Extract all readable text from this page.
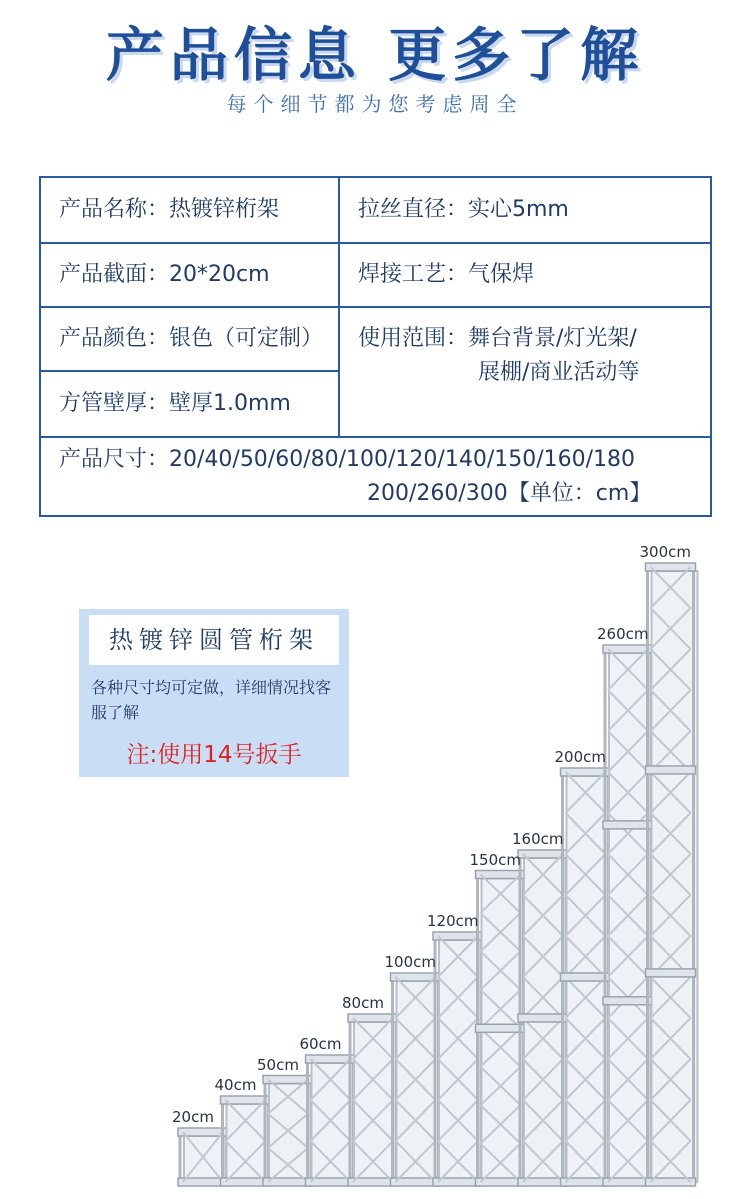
产品信息 更多了解
每个细节都为您考虑周全
产品名称：热镀锌桁架	拉丝直径：实心5mm
产品截面：20*20cm	焊接工艺：气保焊
产品颜色：银色（可定制）	使用范围：舞台背景/灯光架/
展棚/商业活动等

方管壁厚：壁厚1.0mm	

产品尺寸：20/40/50/60/80/100/120/140/150/160/180
200/260/300【单位：cm】	
热镀锌圆管桁架
各种尺寸均可定做，详细情况找客服了解
注:使用14号扳手
20cm
40cm
50cm
60cm
80cm
100cm
120cm
150cm
160cm
200cm
260cm
300cm
